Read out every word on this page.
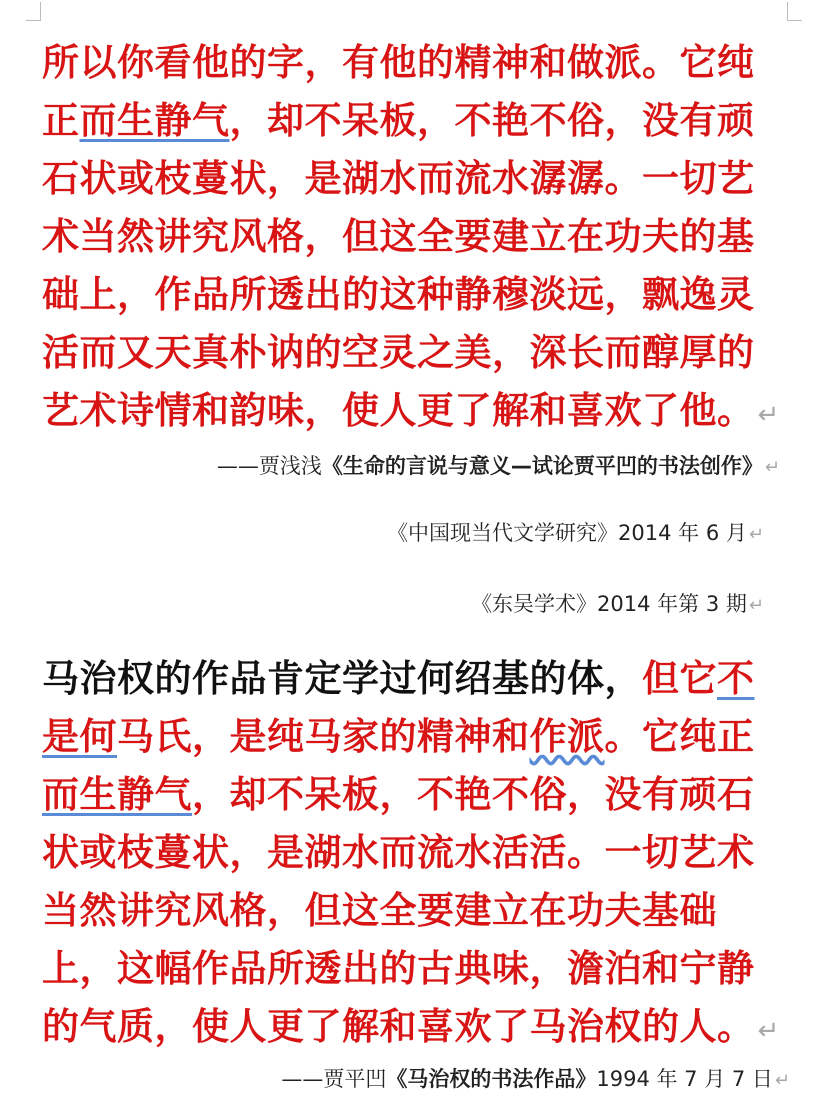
所以你看他的字，有他的精神和做派。它纯正而生静气，却不呆板，不艳不俗，没有顽石状或枝蔓状，是湖水而流水潺潺。一切艺术当然讲究风格，但这全要建立在功夫的基础上，作品所透出的这种静穆淡远，飘逸灵活而又天真朴讷的空灵之美，深长而醇厚的艺术诗情和韵味，使人更了解和喜欢了他。 ↵
——贾浅浅《生命的言说与意义—试论贾平凹的书法创作》 ↵
《中国现当代文学研究》2014 年 6 月 ↵
《东吴学术》2014 年第 3 期 ↵
马治权的作品肯定学过何绍基的体，但它不是何马氏，是纯马家的精神和作派。它纯正而生静气，却不呆板，不艳不俗，没有顽石状或枝蔓状，是湖水而流水活活。一切艺术当然讲究风格，但这全要建立在功夫基础上，这幅作品所透出的古典味，澹泊和宁静的气质，使人更了解和喜欢了马治权的人。 ↵
——贾平凹《马治权的书法作品》1994 年 7 月 7 日 ↵
